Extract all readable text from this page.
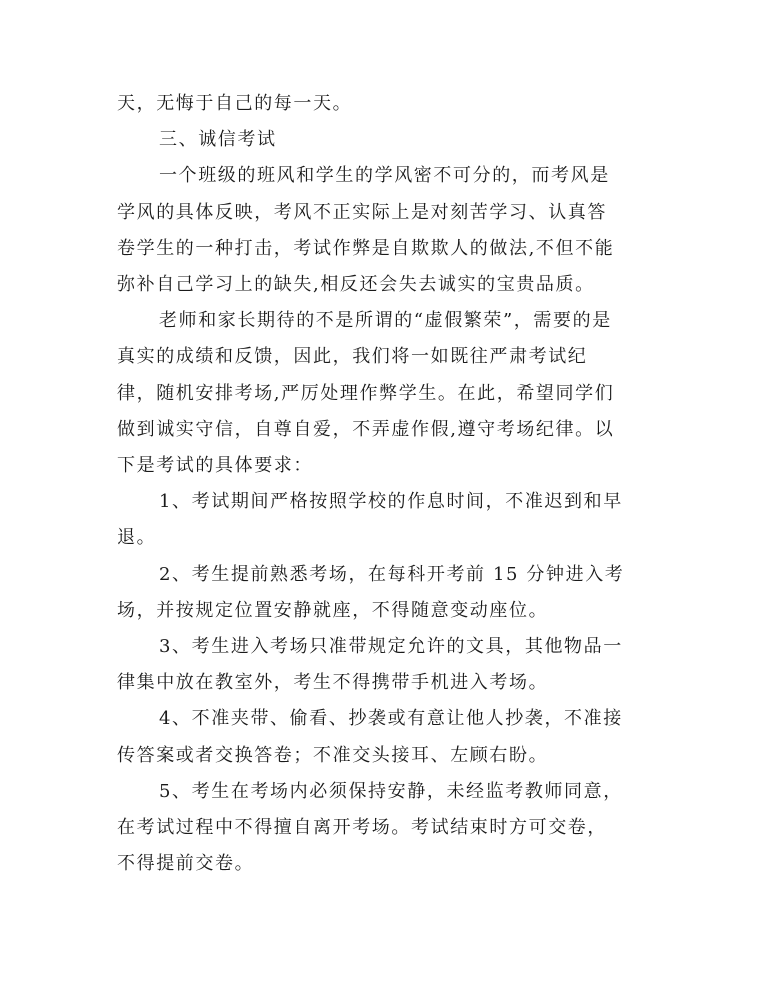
天，无悔于自己的每一天。
三、诚信考试
一个班级的班风和学生的学风密不可分的，而考风是
学风的具体反映，考风不正实际上是对刻苦学习、认真答
卷学生的一种打击，考试作弊是自欺欺人的做法,不但不能
弥补自己学习上的缺失,相反还会失去诚实的宝贵品质。
老师和家长期待的不是所谓的“虚假繁荣”，需要的是
真实的成绩和反馈，因此，我们将一如既往严肃考试纪
律，随机安排考场,严厉处理作弊学生。在此，希望同学们
做到诚实守信，自尊自爱，不弄虚作假,遵守考场纪律。以
下是考试的具体要求：
1、考试期间严格按照学校的作息时间，不准迟到和早
退。
2、考生提前熟悉考场，在每科开考前 15 分钟进入考
场，并按规定位置安静就座，不得随意变动座位。
3、考生进入考场只准带规定允许的文具，其他物品一
律集中放在教室外，考生不得携带手机进入考场。
4、不准夹带、偷看、抄袭或有意让他人抄袭，不准接
传答案或者交换答卷；不准交头接耳、左顾右盼。
5、考生在考场内必须保持安静，未经监考教师同意，
在考试过程中不得擅自离开考场。考试结束时方可交卷，
不得提前交卷。
